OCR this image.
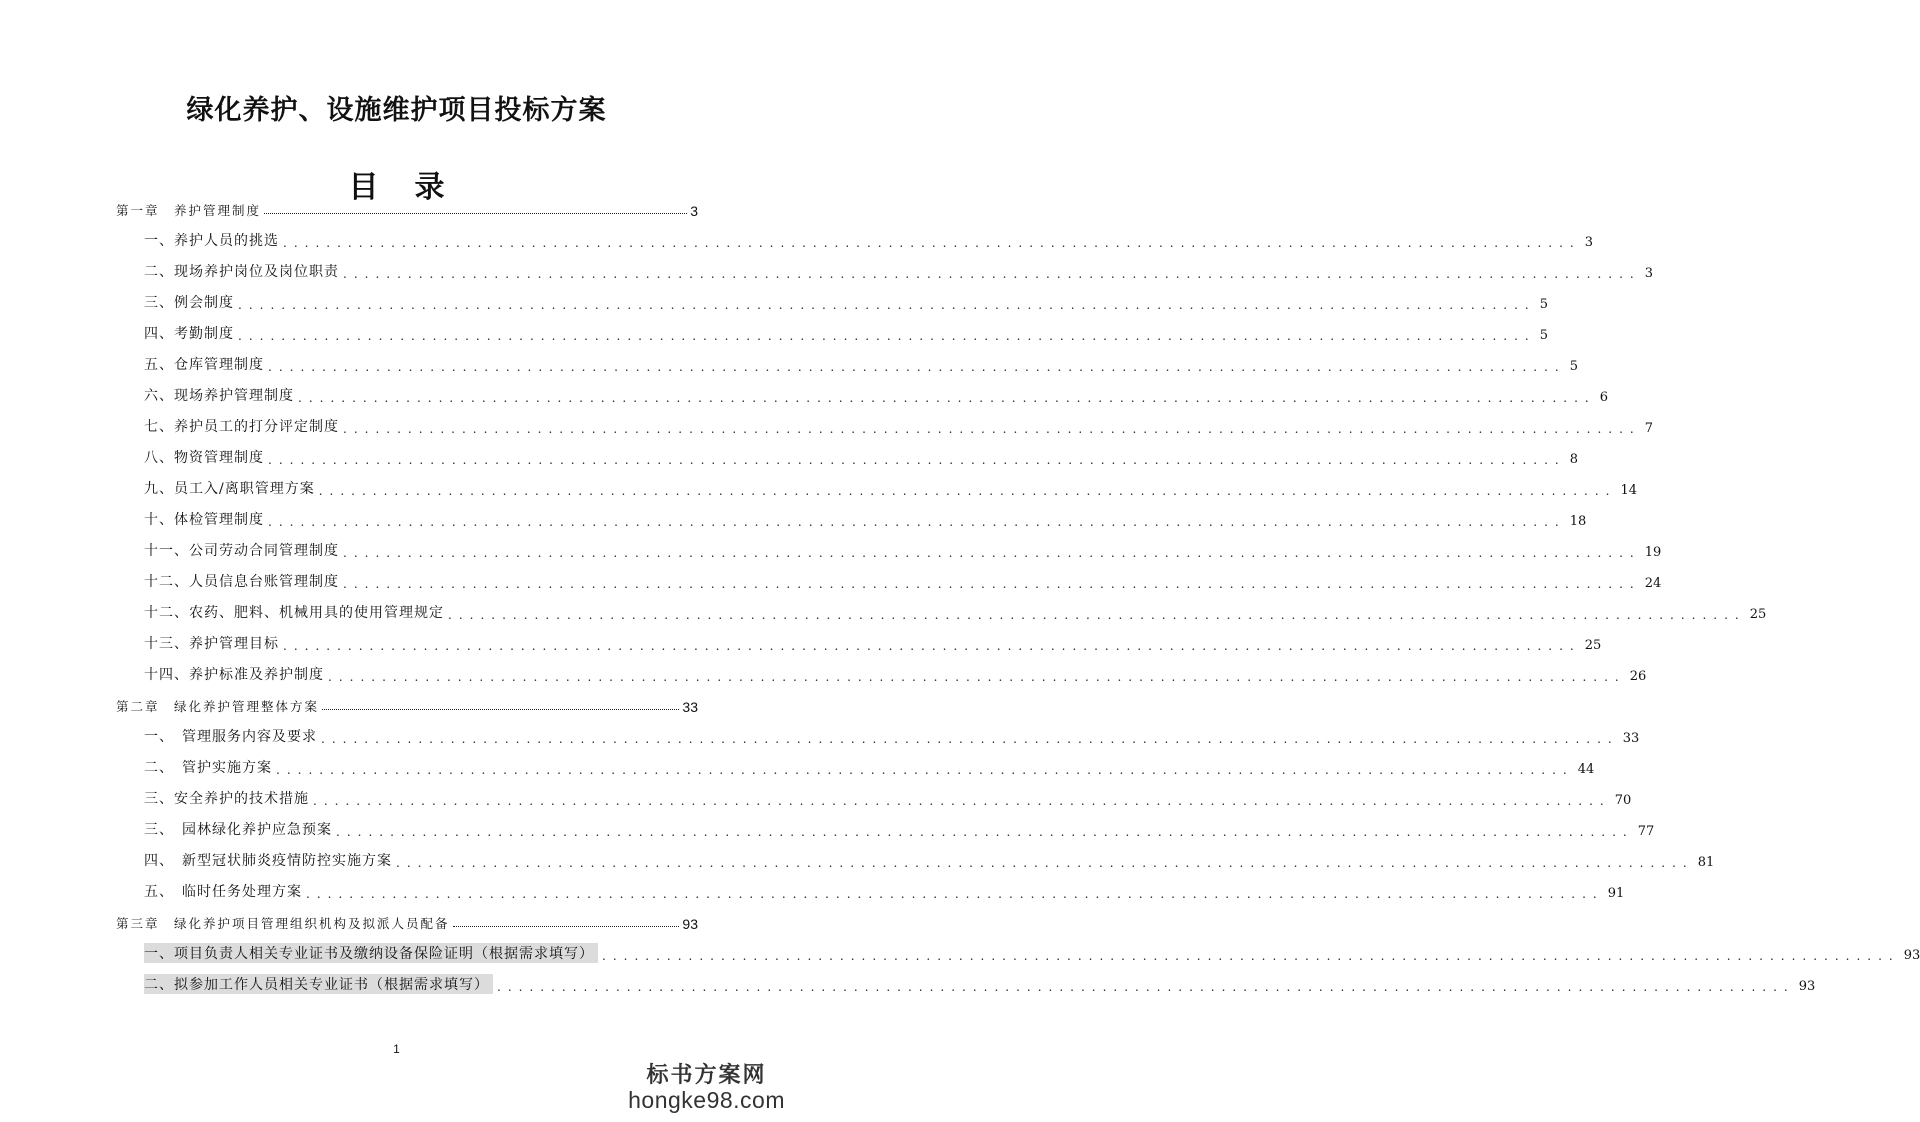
绿化养护、设施维护项目投标方案
目 录
第一章　养护管理制度	3
一、养护人员的挑选 ........................................................................................................................ 3
二、现场养护岗位及岗位职责 ........................................................................................................................ 3
三、例会制度 ........................................................................................................................ 5
四、考勤制度 ........................................................................................................................ 5
五、仓库管理制度 ........................................................................................................................ 5
六、现场养护管理制度 ........................................................................................................................ 6
七、养护员工的打分评定制度 ........................................................................................................................ 7
八、物资管理制度 ........................................................................................................................ 8
九、员工入/离职管理方案 ........................................................................................................................ 14
十、体检管理制度 ........................................................................................................................ 18
十一、公司劳动合同管理制度 ........................................................................................................................ 19
十二、人员信息台账管理制度 ........................................................................................................................ 24
十二、农药、肥料、机械用具的使用管理规定 ........................................................................................................................ 25
十三、养护管理目标 ........................................................................................................................ 25
十四、养护标准及养护制度 ........................................................................................................................ 26
第二章　绿化养护管理整体方案	33
一、　管理服务内容及要求 ........................................................................................................................ 33
二、　管护实施方案 ........................................................................................................................ 44
三、安全养护的技术措施 ........................................................................................................................ 70
三、　园林绿化养护应急预案 ........................................................................................................................ 77
四、　新型冠状肺炎疫情防控实施方案 ........................................................................................................................ 81
五、　临时任务处理方案 ........................................................................................................................ 91
第三章　绿化养护项目管理组织机构及拟派人员配备	93
一、项目负责人相关专业证书及缴纳设备保险证明（根据需求填写） ........................................................................................................................ 93
二、拟参加工作人员相关专业证书（根据需求填写） ........................................................................................................................ 93
1
标书方案网
hongke98.com
